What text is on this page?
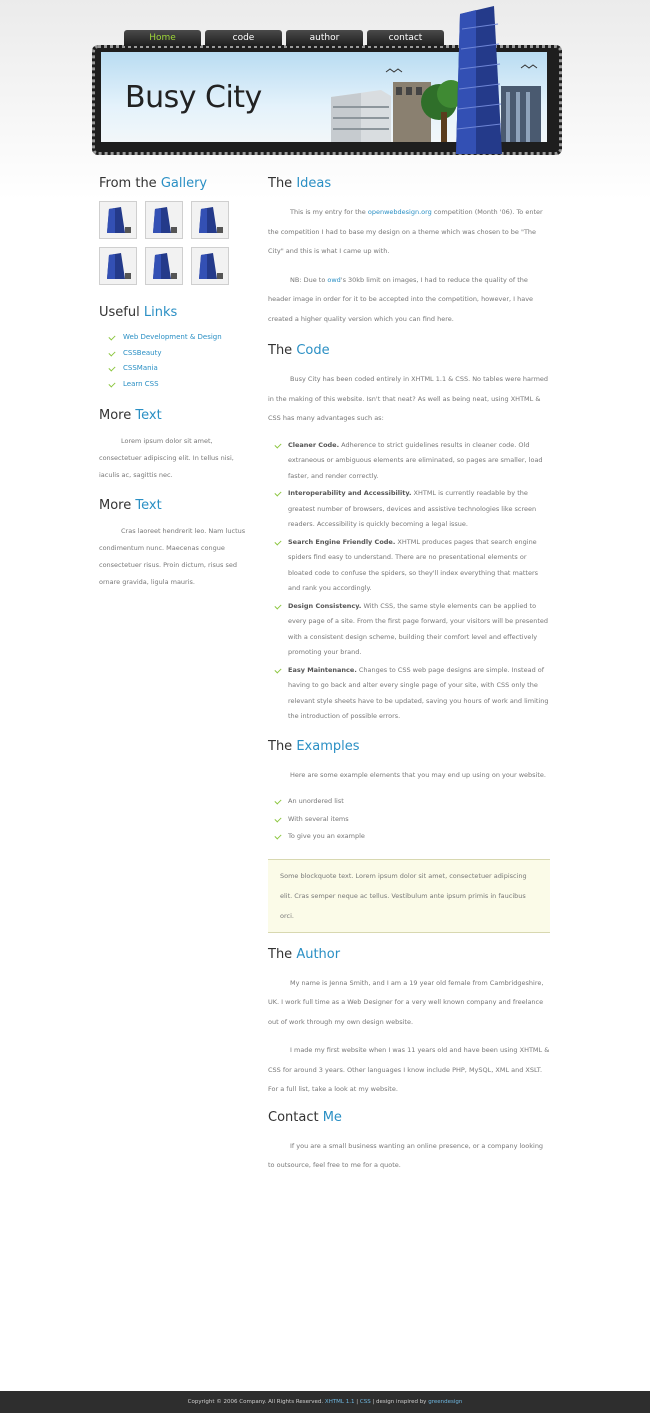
Home	code	author	contact
Busy City
From the Gallery
Useful Links
Web Development & Design
CSSBeauty
CSSMania
Learn CSS
More Text

Lorem ipsum dolor sit amet, consectetuer adipiscing elit. In tellus nisi, iaculis ac, sagittis nec.

More Text

Cras laoreet hendrerit leo. Nam luctus condimentum nunc. Maecenas congue consectetuer risus. Proin dictum, risus sed ornare gravida, ligula mauris.

The Ideas

This is my entry for the openwebdesign.org competition (Month '06). To enter the competition I had to base my design on a theme which was chosen to be "The City" and this is what I came up with.

NB: Due to owd's 30kb limit on images, I had to reduce the quality of the header image in order for it to be accepted into the competition, however, I have created a higher quality version which you can find here.

The Code

Busy City has been coded entirely in XHTML 1.1 & CSS. No tables were harmed in the making of this website. Isn't that neat? As well as being neat, using XHTML & CSS has many advantages such as:

Cleaner Code. Adherence to strict guidelines results in cleaner code. Old extraneous or ambiguous elements are eliminated, so pages are smaller, load faster, and render correctly.
Interoperability and Accessibility. XHTML is currently readable by the greatest number of browsers, devices and assistive technologies like screen readers. Accessibility is quickly becoming a legal issue.
Search Engine Friendly Code. XHTML produces pages that search engine spiders find easy to understand. There are no presentational elements or bloated code to confuse the spiders, so they'll index everything that matters and rank you accordingly.
Design Consistency. With CSS, the same style elements can be applied to every page of a site. From the first page forward, your visitors will be presented with a consistent design scheme, building their comfort level and effectively promoting your brand.
Easy Maintenance. Changes to CSS web page designs are simple. Instead of having to go back and alter every single page of your site, with CSS only the relevant style sheets have to be updated, saving you hours of work and limiting the introduction of possible errors.
The Examples

Here are some example elements that you may end up using on your website.

An unordered list
With several items
To give you an example
Some blockquote text. Lorem ipsum dolor sit amet, consectetuer adipiscing elit. Cras semper neque ac tellus. Vestibulum ante ipsum primis in faucibus orci.
The Author

My name is Jenna Smith, and I am a 19 year old female from Cambridgeshire, UK. I work full time as a Web Designer for a very well known company and freelance out of work through my own design website.

I made my first website when I was 11 years old and have been using XHTML & CSS for around 3 years. Other languages I know include PHP, MySQL, XML and XSLT. For a full list, take a look at my website.

Contact Me

If you are a small business wanting an online presence, or a company looking to outsource, feel free to me for a quote.

Copyright © 2006 Company. All Rights Reserved. XHTML 1.1 | CSS | design inspired by greendesign
